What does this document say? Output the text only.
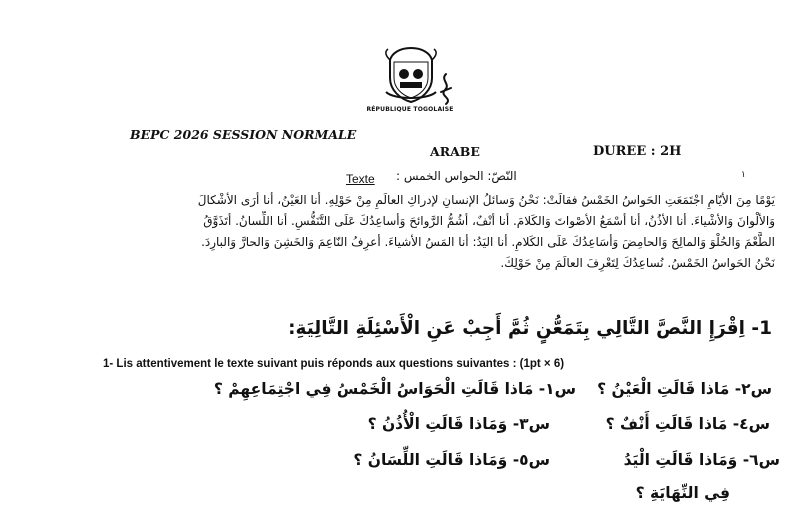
RÉPUBLIQUE TOGOLAISE
BEPC 2026 SESSION NORMALE
ARABE	DUREE : 2H
Texte النّصّ: الحواس الخمس :	١

يَوْمًا مِنَ الأيّامِ اجْتَمَعَتِ الحَواسُ الخَمْسُ فقالَتْ: نَحْنُ وَسائلُ الإنسانِ لإدراكِ العالَمِ مِنْ حَوْلِهِ. أنا العَيْنُ، أنا أرَى الأشْكالَ

وَالألْوانَ وَالأشْياءَ. أنا الأذُنُ، أنا أسْمَعُ الأصْواتَ وَالكَلامَ. أنا أنْفٌ، أشُمُّ الرَّوائحَ وَأساعِدُكَ عَلَى التَّنَفُّسِ. أنا اللِّسانُ. أتَذَوَّقُ

الطَّعْمَ وَالحُلْوَ وَالمالِحَ وَالحامِضَ وَأسَاعِدُكَ عَلَى الكَلامِ. أنا اليَدُ: أنا المَسُ الأشياءَ. أعرِفُ النّاعِمَ وَالخَشِنَ وَالحارَّ وَالبارِدَ.

نَحْنُ الحَواسُ الخَمْسُ. نُساعِدُكَ لِتَعْرِفَ العالَمَ مِنْ حَوْلِكَ.

1- اِقْرَإِ النَّصَّ التَّالِي بِتَمَعُّنٍ ثُمَّ أَجِبْ عَنِ الْأَسْئِلَةِ التَّالِيَةِ:
1- Lis attentivement le texte suivant puis réponds aux questions suivantes : (1pt × 6)
س١- مَاذا قَالَتِ الْحَوَاسُ الْخَمْسُ فِي اجْتِمَاعِهِمْ ؟ س٢- مَاذا قَالَتِ الْعَيْنُ ؟
س٣- وَمَاذا قَالَتِ الْأُذُنُ ؟	س٤- مَاذا قَالَتِ أَنْفٌ ؟
س٥- وَمَاذا قَالَتِ اللِّسَانُ ؟	س٦- وَمَاذا قَالَتِ الْيَدُ
فِي النِّهَايَةِ ؟
